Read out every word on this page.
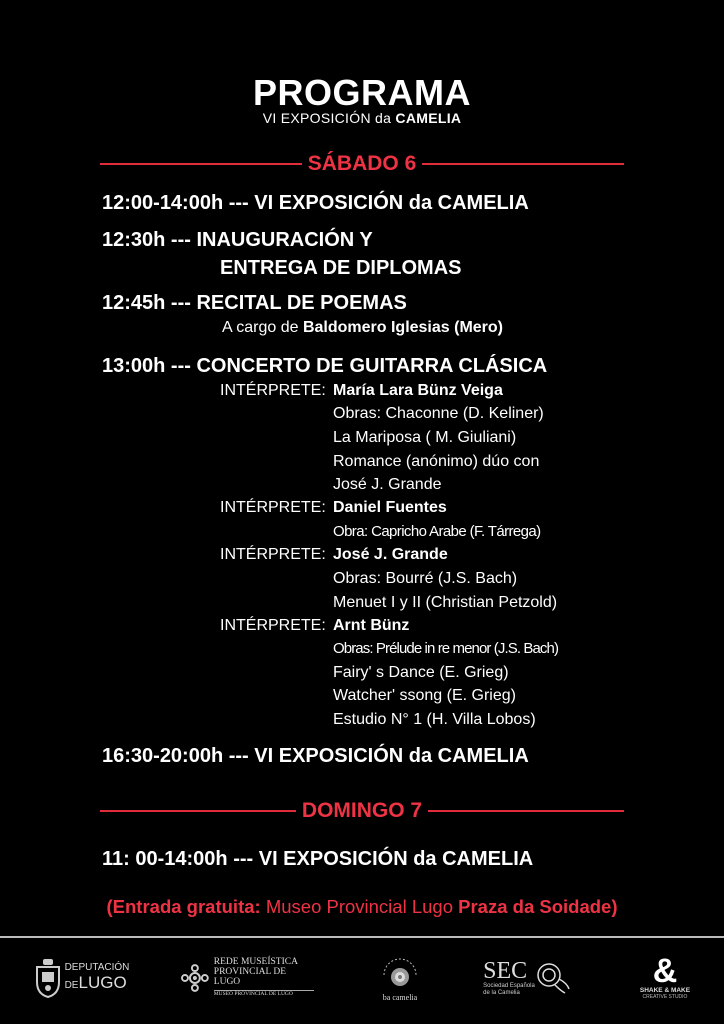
PROGRAMA
VI EXPOSICIÓN da CAMELIA
SÁBADO 6
12:00-14:00h --- VI EXPOSICIÓN da CAMELIA
12:30h --- INAUGURACIÓN Y
ENTREGA DE DIPLOMAS
12:45h --- RECITAL DE POEMAS
A cargo de Baldomero Iglesias (Mero)
13:00h --- CONCERTO DE GUITARRA CLÁSICA
INTÉRPRETE: María Lara Bünz Veiga
Obras: Chaconne (D. Keliner)
La Mariposa ( M. Giuliani)
Romance (anónimo) dúo con
José J. Grande
INTÉRPRETE: Daniel Fuentes
Obra: Capricho Arabe (F. Tárrega)
INTÉRPRETE: José J. Grande
Obras: Bourré (J.S. Bach)
Menuet I y II (Christian Petzold)
INTÉRPRETE: Arnt Bünz
Obras: Prélude in re menor (J.S. Bach)
Fairy' s Dance (E. Grieg)
Watcher' ssong (E. Grieg)
Estudio N° 1 (H. Villa Lobos)
16:30-20:00h --- VI EXPOSICIÓN da CAMELIA
DOMINGO 7
11: 00-14:00h --- VI EXPOSICIÓN da CAMELIA
(Entrada gratuita: Museo Provincial Lugo Praza da Soidade)
DEPUTACIÓN
DELUGO
REDE MUSEÍSTICA
PROVINCIAL DE LUGO
MUSEO PROVINCIAL DE LUGO	ba camelia
SEC
Sociedad Española
de la Camelia
&
SHAKE & MAKE
CREATIVE STUDIO
